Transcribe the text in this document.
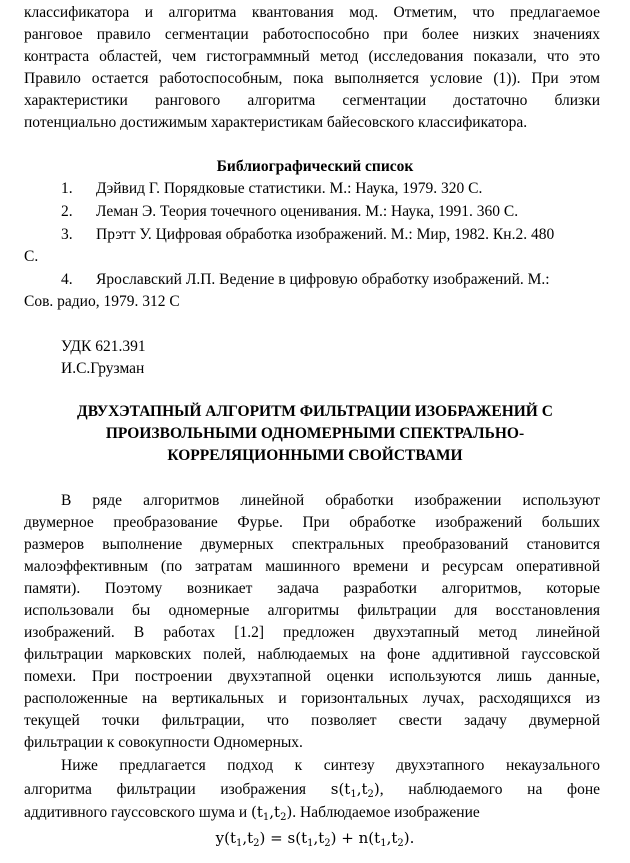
классификатора и алгоритма квантования мод. Отметим, что предлагаемое
ранговое правило сегментации работоспособно при более низких значениях
контраста областей, чем гистограммный метод (исследования показали, что это
Правило остается работоспособным, пока выполняется условие (1)). При этом
характеристики рангового алгоритма сегментации достаточно близки
потенциально достижимым характеристикам байесовского классификатора.
Библиографический список
1. Дэйвид Г. Порядковые статистики. М.: Наука, 1979. 320 С.
2. Леман Э. Теория точечного оценивания. М.: Наука, 1991. 360 С.
3. Прэтт У. Цифровая обработка изображений. М.: Мир, 1982. Кн.2. 480
С.
4. Ярославский Л.П. Ведение в цифровую обработку изображений. М.:
Сов. радио, 1979. 312 С
УДК 621.391
И.С.Грузман
ДВУХЭТАПНЫЙ АЛГОРИТМ ФИЛЬТРАЦИИ ИЗОБРАЖЕНИЙ С
ПРОИЗВОЛЬНЫМИ ОДНОМЕРНЫМИ СПЕКТРАЛЬНО-
КОРРЕЛЯЦИОННЫМИ СВОЙСТВАМИ
В ряде алгоритмов линейной обработки изображении используют
двумерное преобразование Фурье. При обработке изображений больших
размеров выполнение двумерных спектральных преобразований становится
малоэффективным (по затратам машинного времени и ресурсам оперативной
памяти). Поэтому возникает задача разработки алгоритмов, которые
использовали бы одномерные алгоритмы фильтрации для восстановления
изображений. В работах [1.2] предложен двухэтапный метод линейной
фильтрации марковских полей, наблюдаемых на фоне аддитивной гауссовской
помехи. При построении двухэтапной оценки используются лишь данные,
расположенные на вертикальных и горизонтальных лучах, расходящихся из
текущей точки фильтрации, что позволяет свести задачу двумерной
фильтрации к совокупности Одномерных.
Ниже предлагается подход к синтезу двухэтапного некаузального
алгоритма фильтрации изображения $s(t_1,t_2)$, наблюдаемого на фоне
аддитивного гауссовского шума и $(t_1,t_2)$. Наблюдаемое изображение
$y(t_1,t_2) = s(t_1,t_2) + n(t_1,t_2)$.
